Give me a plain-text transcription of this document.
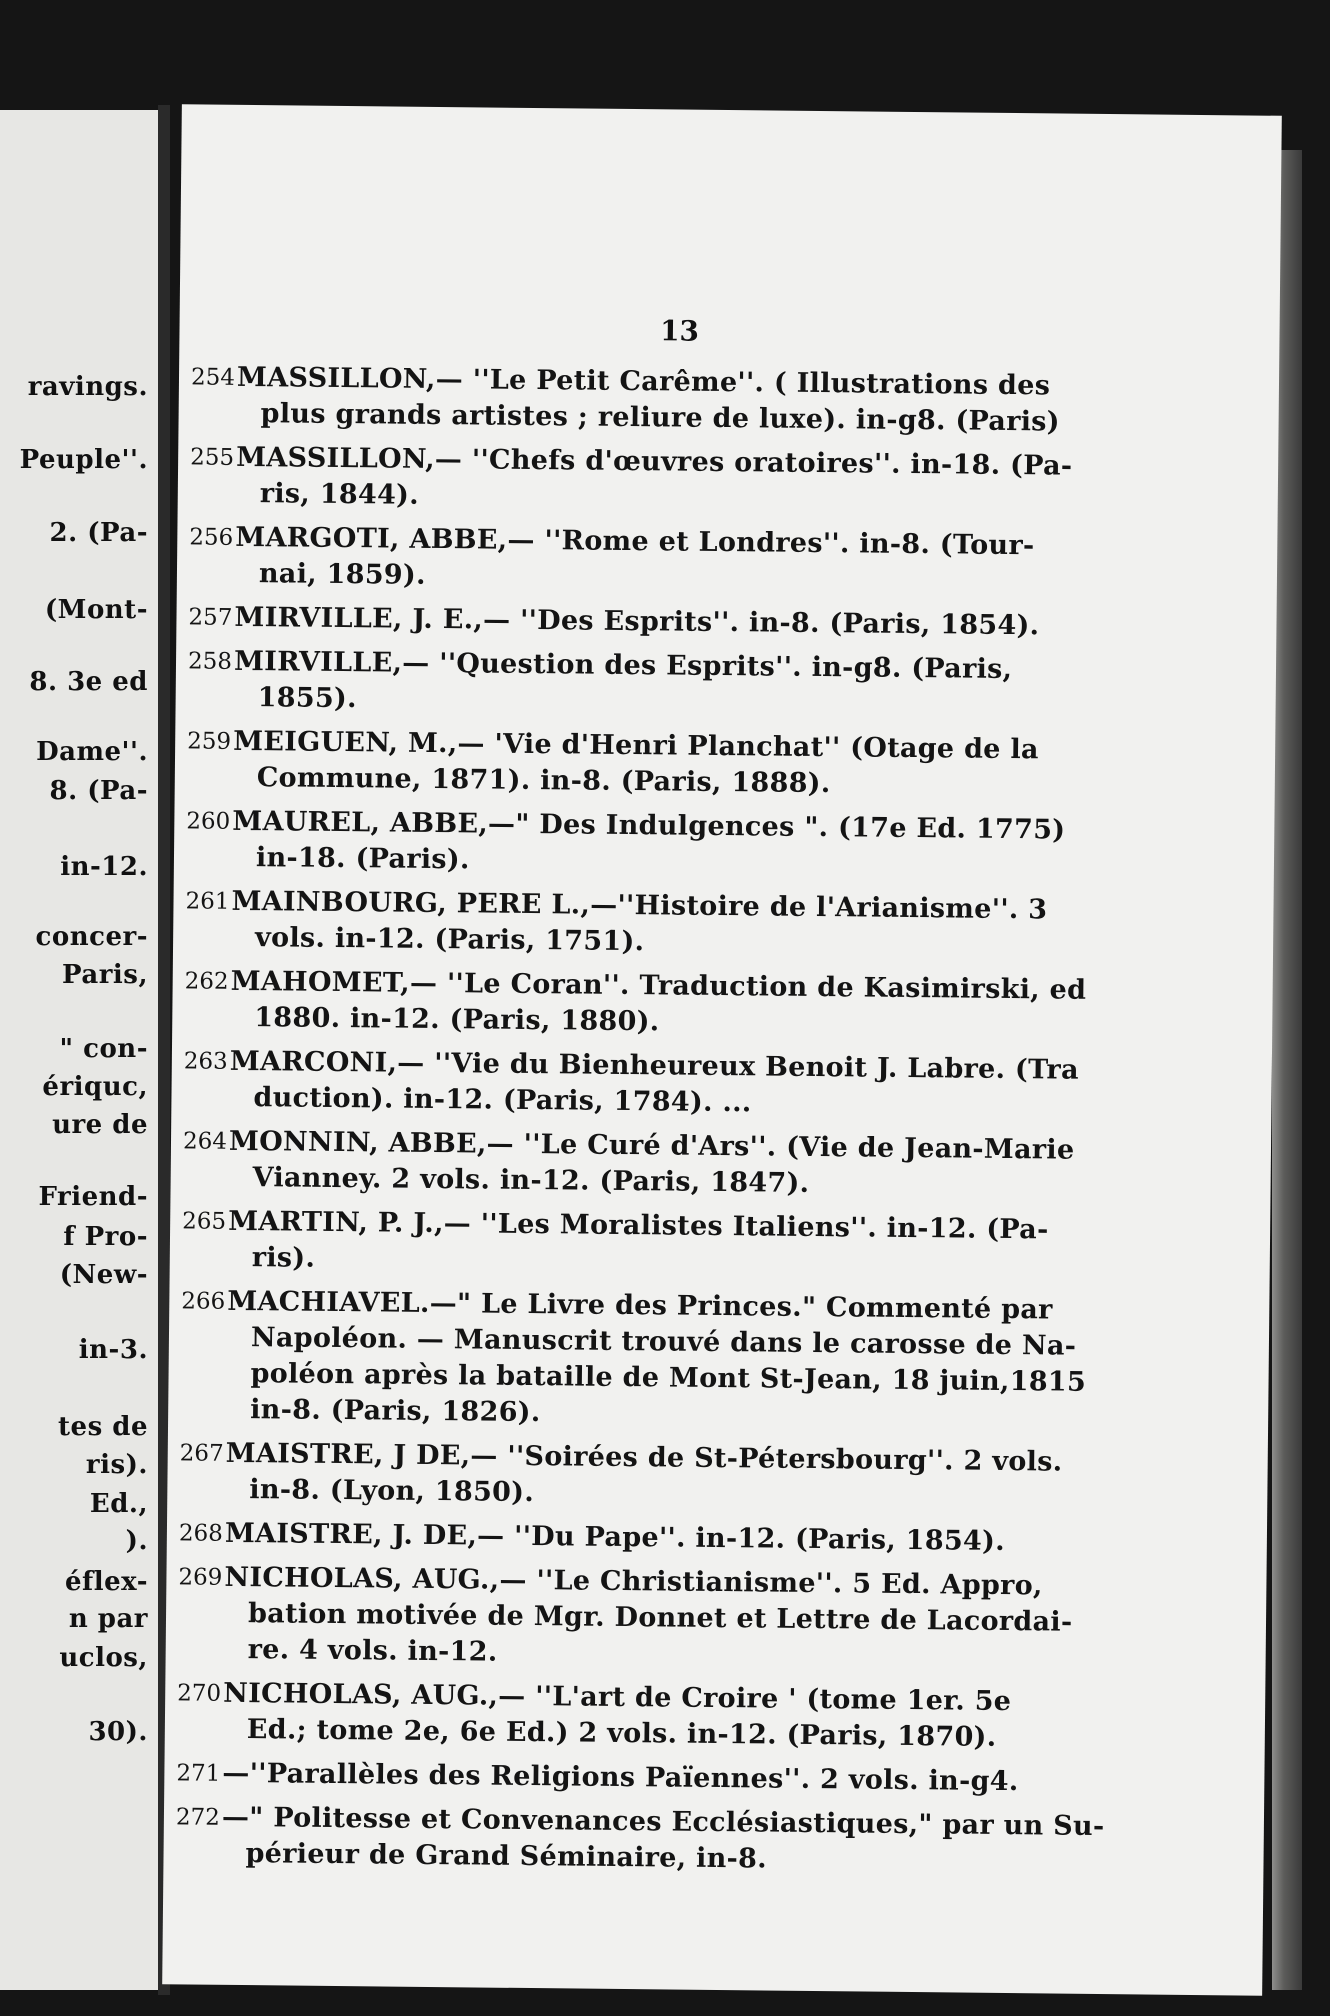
ravings.
Peuple''.
2. (Pa-
(Mont-
8. 3e ed
Dame''.
8. (Pa-
in-12.
concer-
Paris,
" con-
ériquc,
ure de
Friend-
f Pro-
(New-
in-3.
tes de
ris).
Ed.,
).
éflex-
n par
uclos,
30).
13
254 MASSILLON,— ''Le Petit Carême''. ( Illustrations des
plus grands artistes ; reliure de luxe). in-g8. (Paris)
255 MASSILLON,— ''Chefs d'œuvres oratoires''. in-18. (Pa-
ris, 1844).
256 MARGOTI, ABBE,— ''Rome et Londres''. in-8. (Tour-
nai, 1859).
257 MIRVILLE, J. E.,— ''Des Esprits''. in-8. (Paris, 1854).
258 MIRVILLE,— ''Question des Esprits''. in-g8. (Paris,
1855).
259 MEIGUEN, M.,— 'Vie d'Henri Planchat'' (Otage de la
Commune, 1871). in-8. (Paris, 1888).
260 MAUREL, ABBE,—" Des Indulgences ". (17e Ed. 1775)
in-18. (Paris).
261 MAINBOURG, PERE L.,—''Histoire de l'Arianisme''. 3
vols. in-12. (Paris, 1751).
262 MAHOMET,— ''Le Coran''. Traduction de Kasimirski, ed
1880. in-12. (Paris, 1880).
263 MARCONI,— ''Vie du Bienheureux Benoit J. Labre. (Tra
duction). in-12. (Paris, 1784). ...
264 MONNIN, ABBE,— ''Le Curé d'Ars''. (Vie de Jean-Marie
Vianney. 2 vols. in-12. (Paris, 1847).
265 MARTIN, P. J.,— ''Les Moralistes Italiens''. in-12. (Pa-
ris).
266 MACHIAVEL.—" Le Livre des Princes." Commenté par
Napoléon. — Manuscrit trouvé dans le carosse de Na-
poléon après la bataille de Mont St-Jean, 18 juin,1815
in-8. (Paris, 1826).
267 MAISTRE, J DE,— ''Soirées de St-Pétersbourg''. 2 vols.
in-8. (Lyon, 1850).
268 MAISTRE, J. DE,— ''Du Pape''. in-12. (Paris, 1854).
269 NICHOLAS, AUG.,— ''Le Christianisme''. 5 Ed. Appro,
bation motivée de Mgr. Donnet et Lettre de Lacordai-
re. 4 vols. in-12.
270 NICHOLAS, AUG.,— ''L'art de Croire ' (tome 1er. 5e
Ed.; tome 2e, 6e Ed.) 2 vols. in-12. (Paris, 1870).
271 —''Parallèles des Religions Païennes''. 2 vols. in-g4.
272 —" Politesse et Convenances Ecclésiastiques," par un Su-
périeur de Grand Séminaire, in-8.
